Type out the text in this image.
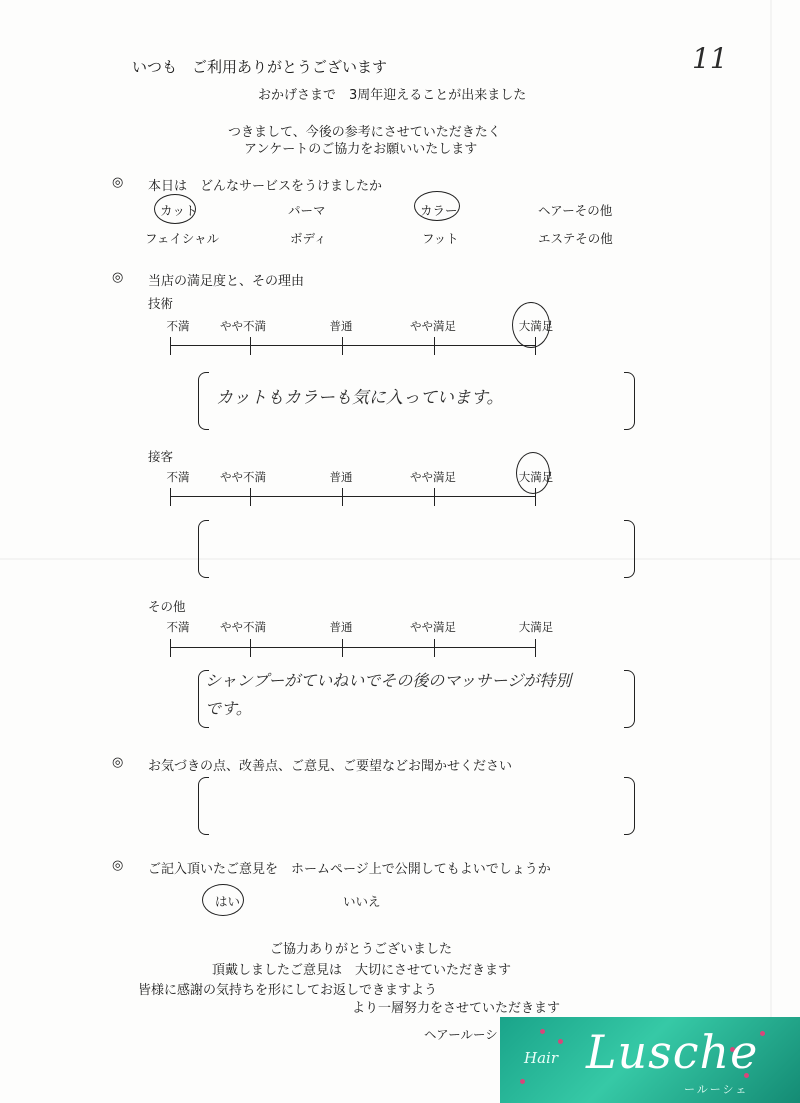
いつも　ご利用ありがとうございます	11
おかげさまで　3周年迎えることが出来ました
つきまして、今後の参考にさせていただきたく
アンケートのご協力をお願いいたします
◎ 本日は　どんなサービスをうけましたか
カット	パーマ	カラー	ヘアーその他
フェイシャル	ボディ	フット	エステその他
◎ 当店の満足度と、その理由
技術
不満	やや不満	普通	やや満足	大満足
カットもカラーも気に入っています。
接客
不満	やや不満	普通	やや満足	大満足
その他
不満	やや不満	普通	やや満足	大満足
シャンプーがていねいでその後のマッサージが特別
です。
◎ お気づきの点、改善点、ご意見、ご要望などお聞かせください
◎ ご記入頂いたご意見を　ホームページ上で公開してもよいでしょうか
はい	いいえ
ご協力ありがとうございました
頂戴しましたご意見は　大切にさせていただきます
皆様に感謝の気持ちを形にしてお返しできますよう
より一層努力をさせていただきます
ヘアールーシ
Hair Lusche
ールーシェ
